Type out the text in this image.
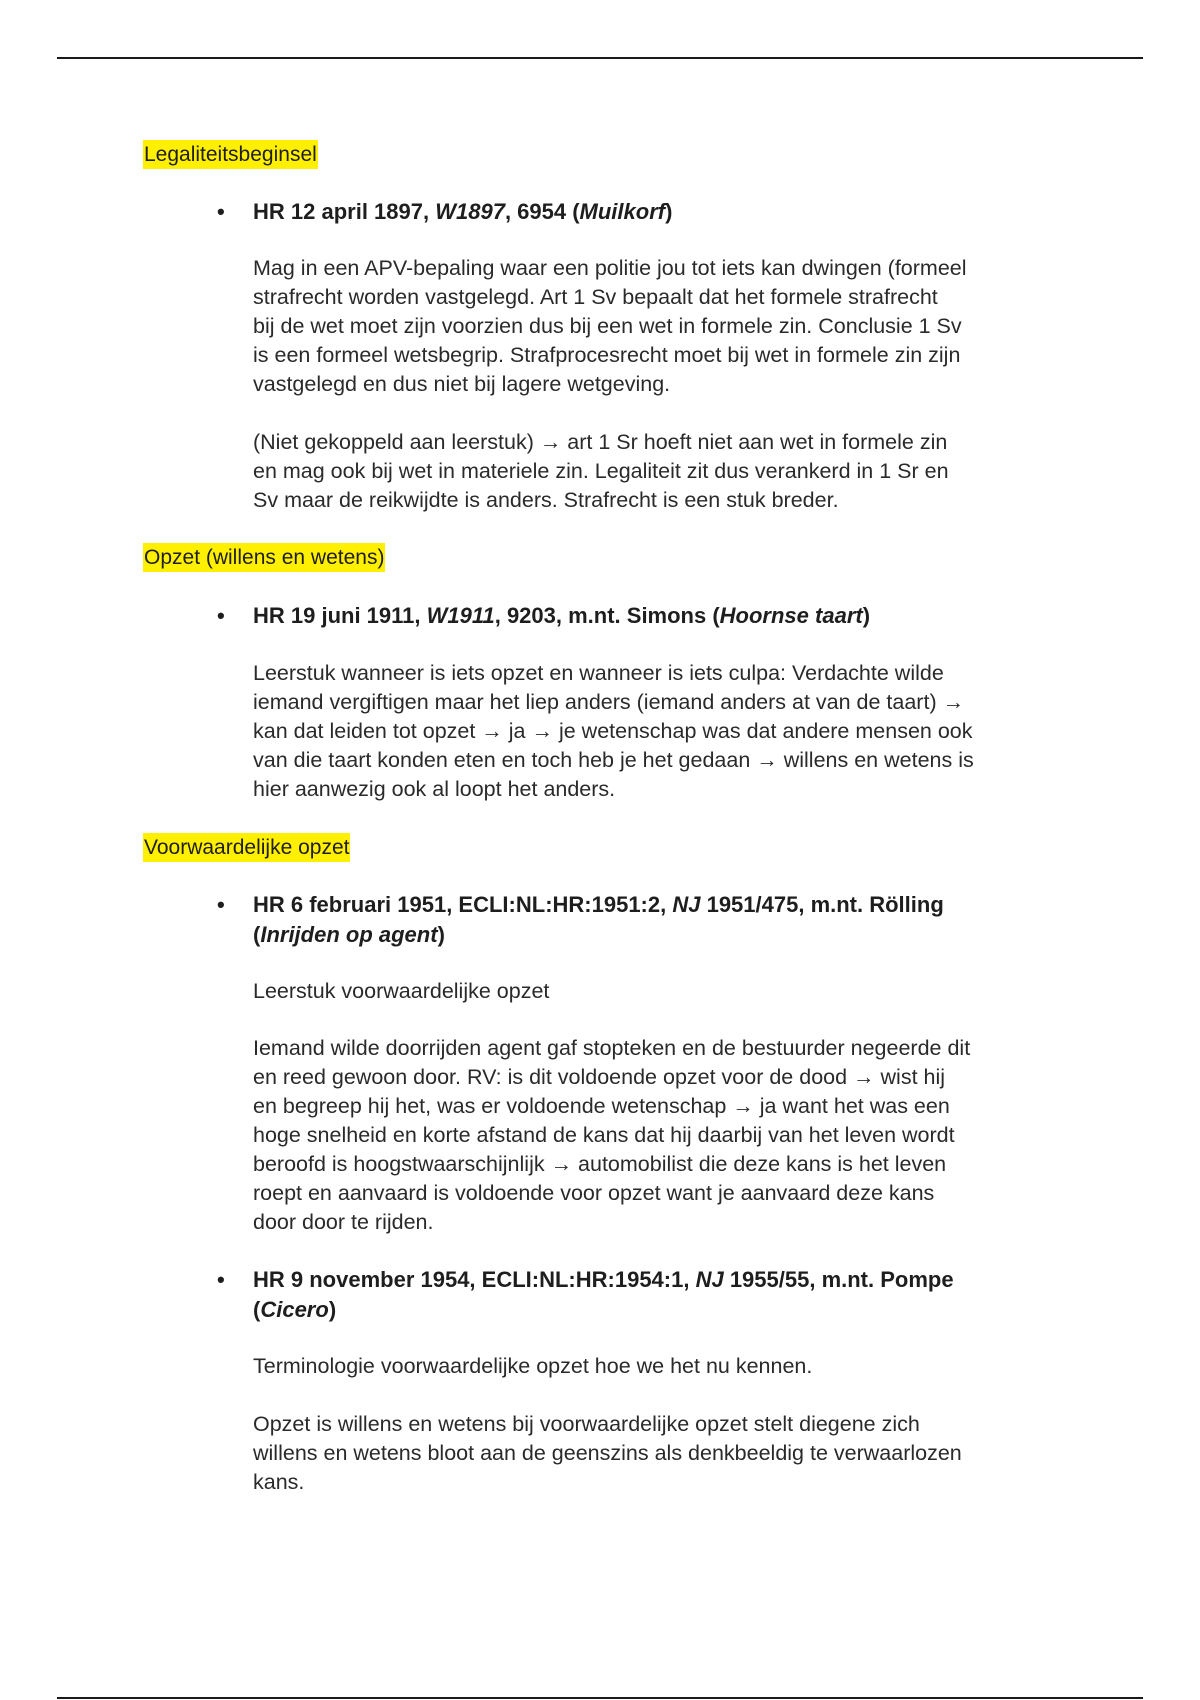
Legaliteitsbeginsel
• HR 12 april 1897, W1897, 6954 (Muilkorf)
Mag in een APV-bepaling waar een politie jou tot iets kan dwingen (formeel
strafrecht worden vastgelegd. Art 1 Sv bepaalt dat het formele strafrecht
bij de wet moet zijn voorzien dus bij een wet in formele zin. Conclusie 1 Sv
is een formeel wetsbegrip. Strafprocesrecht moet bij wet in formele zin zijn
vastgelegd en dus niet bij lagere wetgeving.
(Niet gekoppeld aan leerstuk) → art 1 Sr hoeft niet aan wet in formele zin
en mag ook bij wet in materiele zin. Legaliteit zit dus verankerd in 1 Sr en
Sv maar de reikwijdte is anders. Strafrecht is een stuk breder.
Opzet (willens en wetens)
• HR 19 juni 1911, W1911, 9203, m.nt. Simons (Hoornse taart)
Leerstuk wanneer is iets opzet en wanneer is iets culpa: Verdachte wilde
iemand vergiftigen maar het liep anders (iemand anders at van de taart) →
kan dat leiden tot opzet → ja → je wetenschap was dat andere mensen ook
van die taart konden eten en toch heb je het gedaan → willens en wetens is
hier aanwezig ook al loopt het anders.
Voorwaardelijke opzet
• HR 6 februari 1951, ECLI:NL:HR:1951:2, NJ 1951/475, m.nt. Rölling
(Inrijden op agent)
Leerstuk voorwaardelijke opzet
Iemand wilde doorrijden agent gaf stopteken en de bestuurder negeerde dit
en reed gewoon door. RV: is dit voldoende opzet voor de dood → wist hij
en begreep hij het, was er voldoende wetenschap → ja want het was een
hoge snelheid en korte afstand de kans dat hij daarbij van het leven wordt
beroofd is hoogstwaarschijnlijk → automobilist die deze kans is het leven
roept en aanvaard is voldoende voor opzet want je aanvaard deze kans
door door te rijden.
• HR 9 november 1954, ECLI:NL:HR:1954:1, NJ 1955/55, m.nt. Pompe
(Cicero)
Terminologie voorwaardelijke opzet hoe we het nu kennen.
Opzet is willens en wetens bij voorwaardelijke opzet stelt diegene zich
willens en wetens bloot aan de geenszins als denkbeeldig te verwaarlozen
kans.
